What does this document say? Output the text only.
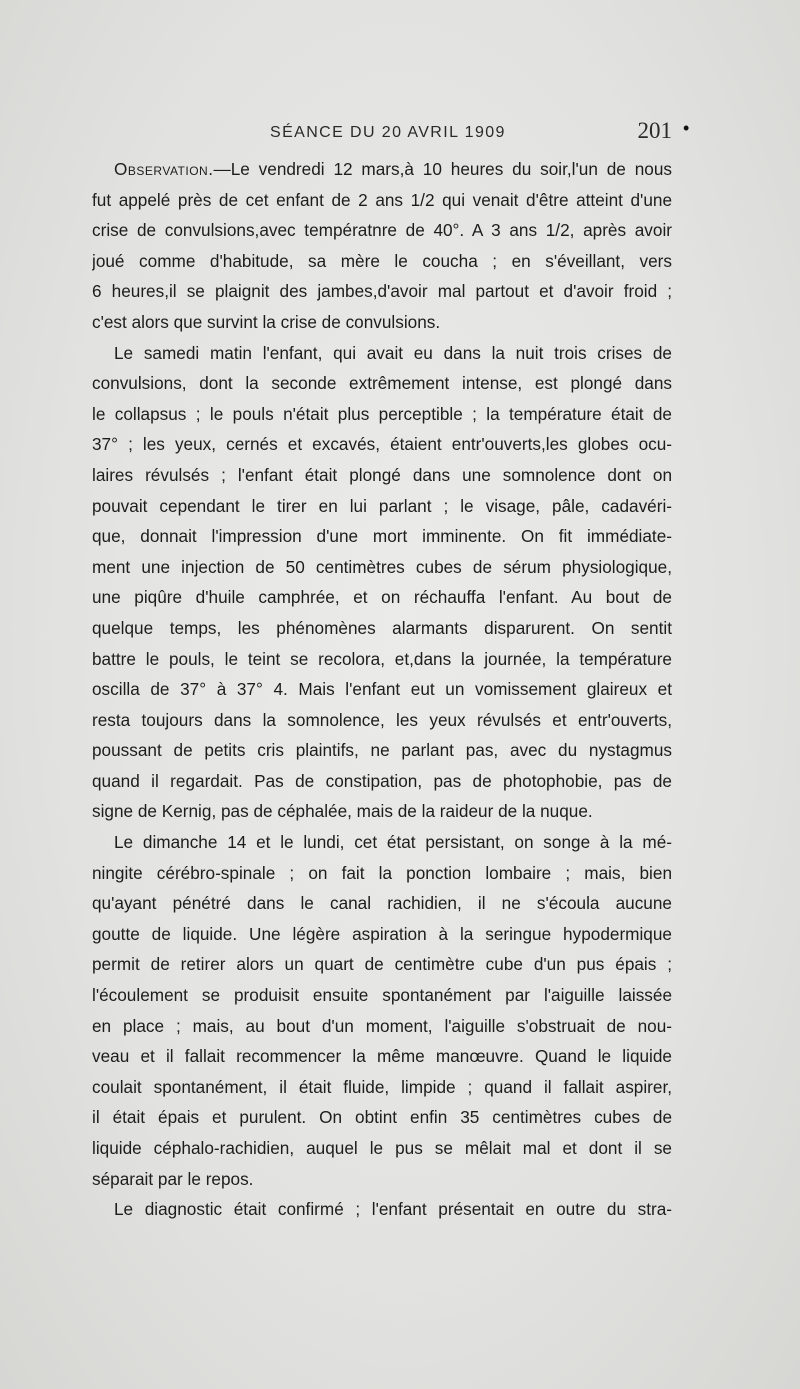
SÉANCE DU 20 AVRIL 1909	201 •
Observation.—Le vendredi 12 mars,à 10 heures du soir,l'un de nous
fut appelé près de cet enfant de 2 ans 1/2 qui venait d'être atteint d'une
crise de convulsions,avec températnre de 40°. A 3 ans 1/2, après avoir
joué comme d'habitude, sa mère le coucha ; en s'éveillant, vers
6 heures,il se plaignit des jambes,d'avoir mal partout et d'avoir froid ;
c'est alors que survint la crise de convulsions.
Le samedi matin l'enfant, qui avait eu dans la nuit trois crises de
convulsions, dont la seconde extrêmement intense, est plongé dans
le collapsus ; le pouls n'était plus perceptible ; la température était de
37° ; les yeux, cernés et excavés, étaient entr'ouverts,les globes ocu-
laires révulsés ; l'enfant était plongé dans une somnolence dont on
pouvait cependant le tirer en lui parlant ; le visage, pâle, cadavéri-
que, donnait l'impression d'une mort imminente. On fit immédiate-
ment une injection de 50 centimètres cubes de sérum physiologique,
une piqûre d'huile camphrée, et on réchauffa l'enfant. Au bout de
quelque temps, les phénomènes alarmants disparurent. On sentit
battre le pouls, le teint se recolora, et,dans la journée, la température
oscilla de 37° à 37° 4. Mais l'enfant eut un vomissement glaireux et
resta toujours dans la somnolence, les yeux révulsés et entr'ouverts,
poussant de petits cris plaintifs, ne parlant pas, avec du nystagmus
quand il regardait. Pas de constipation, pas de photophobie, pas de
signe de Kernig, pas de céphalée, mais de la raideur de la nuque.
Le dimanche 14 et le lundi, cet état persistant, on songe à la mé-
ningite cérébro-spinale ; on fait la ponction lombaire ; mais, bien
qu'ayant pénétré dans le canal rachidien, il ne s'écoula aucune
goutte de liquide. Une légère aspiration à la seringue hypodermique
permit de retirer alors un quart de centimètre cube d'un pus épais ;
l'écoulement se produisit ensuite spontanément par l'aiguille laissée
en place ; mais, au bout d'un moment, l'aiguille s'obstruait de nou-
veau et il fallait recommencer la même manœuvre. Quand le liquide
coulait spontanément, il était fluide, limpide ; quand il fallait aspirer,
il était épais et purulent. On obtint enfin 35 centimètres cubes de
liquide céphalo-rachidien, auquel le pus se mêlait mal et dont il se
séparait par le repos.
Le diagnostic était confirmé ; l'enfant présentait en outre du stra-
